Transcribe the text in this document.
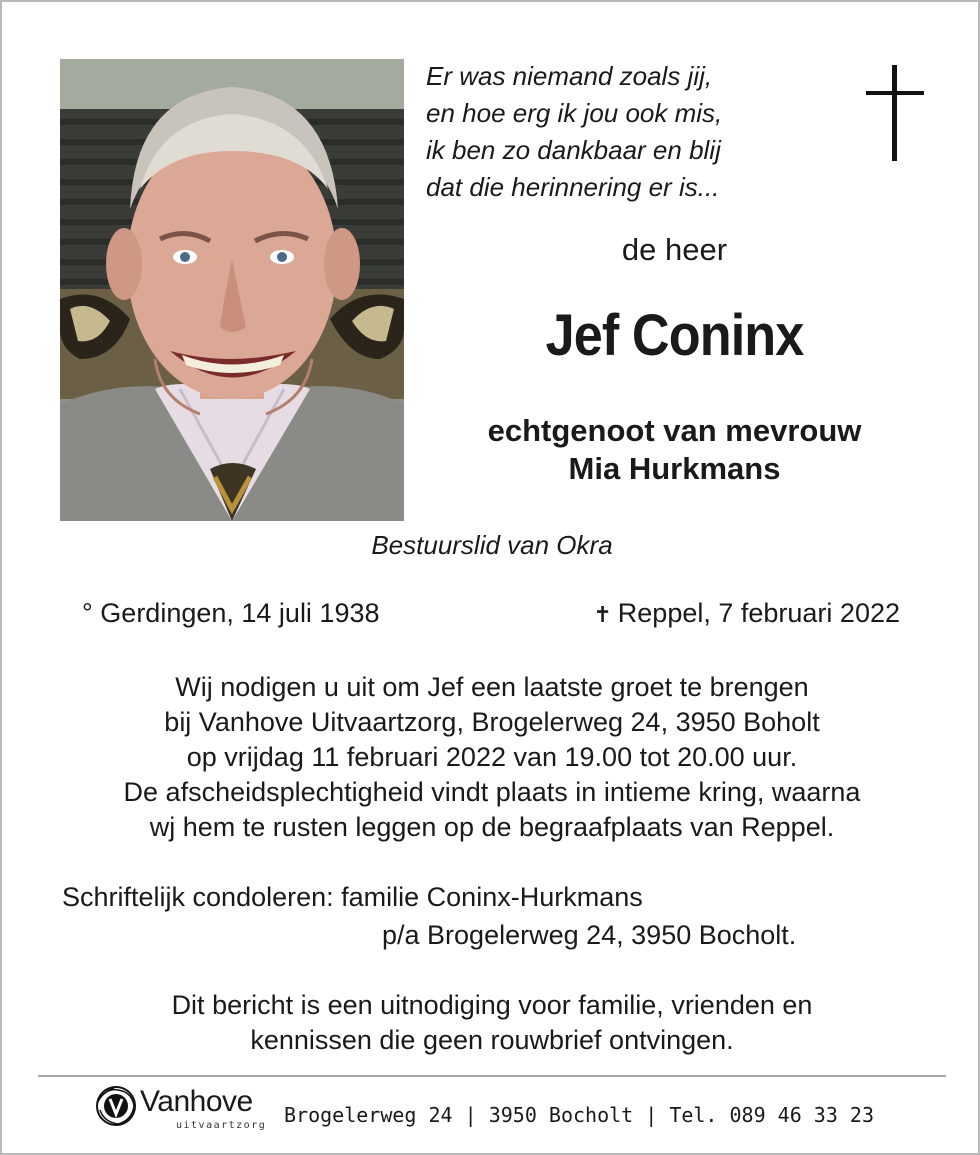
Er was niemand zoals jij,
en hoe erg ik jou ook mis,
ik ben zo dankbaar en blij
dat die herinnering er is...
de heer
Jef Coninx
echtgenoot van mevrouw
Mia Hurkmans
Bestuurslid van Okra
° Gerdingen, 14 juli 1938	✝ Reppel, 7 februari 2022
Wij nodigen u uit om Jef een laatste groet te brengen
bij Vanhove Uitvaartzorg, Brogelerweg 24, 3950 Boholt
op vrijdag 11 februari 2022 van 19.00 tot 20.00 uur.
De afscheidsplechtigheid vindt plaats in intieme kring, waarna
wj hem te rusten leggen op de begraafplaats van Reppel.
Schriftelijk condoleren: familie Coninx-Hurkmans
p/a Brogelerweg 24, 3950 Bocholt.
Dit bericht is een uitnodiging voor familie, vrienden en
kennissen die geen rouwbrief ontvingen.
Vanhove
uitvaartzorg Brogelerweg 24 | 3950 Bocholt | Tel. 089 46 33 23
